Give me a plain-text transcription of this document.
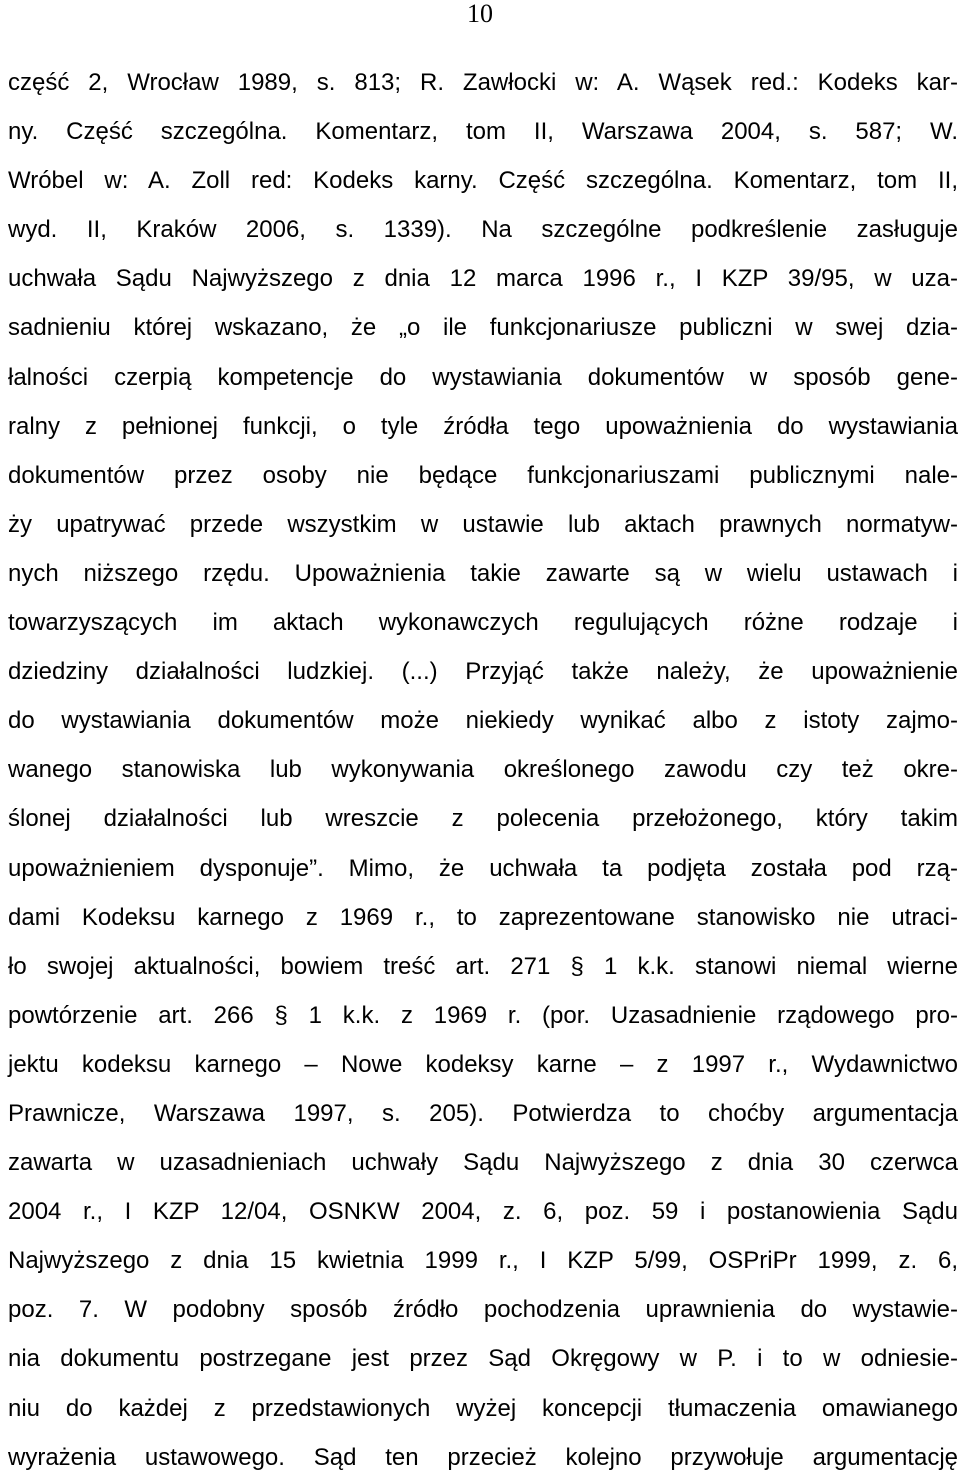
10
część 2, Wrocław 1989, s. 813; R. Zawłocki w: A. Wąsek red.: Kodeks kar-
ny. Część szczególna. Komentarz, tom II, Warszawa 2004, s. 587; W.
Wróbel w: A. Zoll red: Kodeks karny. Część szczególna. Komentarz, tom II,
wyd. II, Kraków 2006, s. 1339). Na szczególne podkreślenie zasługuje
uchwała Sądu Najwyższego z dnia 12 marca 1996 r., I KZP 39/95, w uza-
sadnieniu której wskazano, że „o ile funkcjonariusze publiczni w swej dzia-
łalności czerpią kompetencje do wystawiania dokumentów w sposób gene-
ralny z pełnionej funkcji, o tyle źródła tego upoważnienia do wystawiania
dokumentów przez osoby nie będące funkcjonariuszami publicznymi nale-
ży upatrywać przede wszystkim w ustawie lub aktach prawnych normatyw-
nych niższego rzędu. Upoważnienia takie zawarte są w wielu ustawach i
towarzyszących im aktach wykonawczych regulujących różne rodzaje i
dziedziny działalności ludzkiej. (...) Przyjąć także należy, że upoważnienie
do wystawiania dokumentów może niekiedy wynikać albo z istoty zajmo-
wanego stanowiska lub wykonywania określonego zawodu czy też okre-
ślonej działalności lub wreszcie z polecenia przełożonego, który takim
upoważnieniem dysponuje”. Mimo, że uchwała ta podjęta została pod rzą-
dami Kodeksu karnego z 1969 r., to zaprezentowane stanowisko nie utraci-
ło swojej aktualności, bowiem treść art. 271 § 1 k.k. stanowi niemal wierne
powtórzenie art. 266 § 1 k.k. z 1969 r. (por. Uzasadnienie rządowego pro-
jektu kodeksu karnego – Nowe kodeksy karne – z 1997 r., Wydawnictwo
Prawnicze, Warszawa 1997, s. 205). Potwierdza to choćby argumentacja
zawarta w uzasadnieniach uchwały Sądu Najwyższego z dnia 30 czerwca
2004 r., I KZP 12/04, OSNKW 2004, z. 6, poz. 59 i postanowienia Sądu
Najwyższego z dnia 15 kwietnia 1999 r., I KZP 5/99, OSPriPr 1999, z. 6,
poz. 7. W podobny sposób źródło pochodzenia uprawnienia do wystawie-
nia dokumentu postrzegane jest przez Sąd Okręgowy w P. i to w odniesie-
niu do każdej z przedstawionych wyżej koncepcji tłumaczenia omawianego
wyrażenia ustawowego. Sąd ten przecież kolejno przywołuje argumentację
